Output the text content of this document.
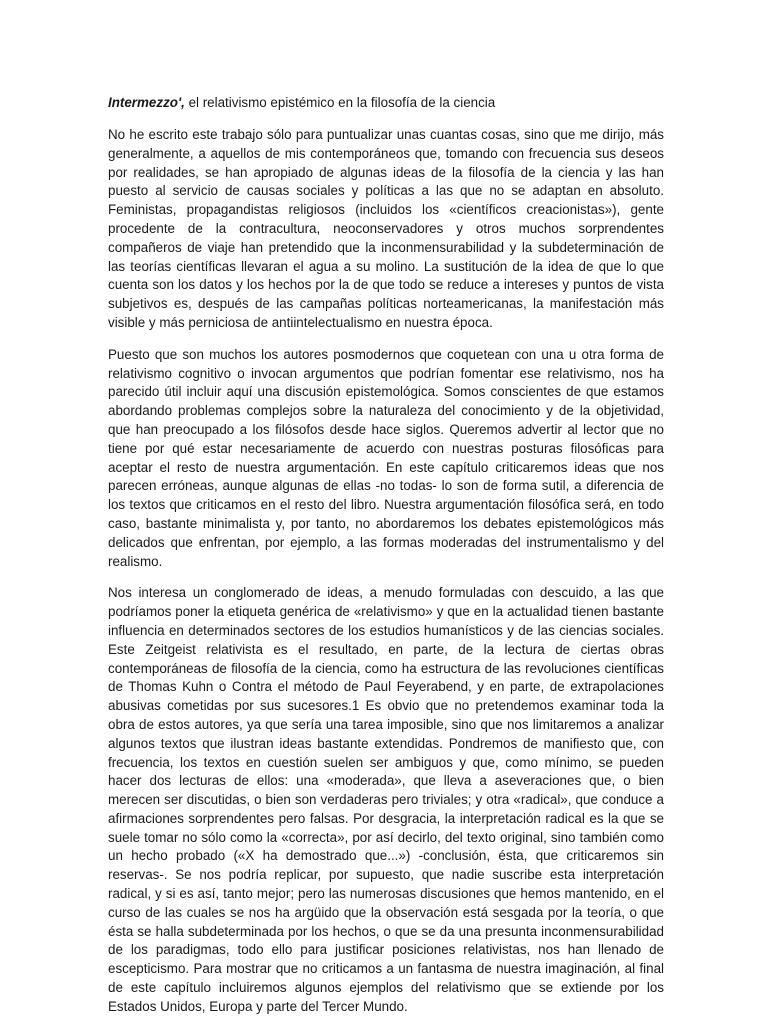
Intermezzo', el relativismo epistémico en la filosofía de la ciencia

No he escrito este trabajo sólo para puntualizar unas cuantas cosas, sino que me dirijo, más generalmente, a aquellos de mis contemporáneos que, tomando con frecuencia sus deseos por realidades, se han apropiado de algunas ideas de la filosofía de la ciencia y las han puesto al servicio de causas sociales y políticas a las que no se adaptan en absoluto. Feministas, propagandistas religiosos (incluidos los «científicos creacionistas»), gente procedente de la contracultura, neoconservadores y otros muchos sorprendentes compañeros de viaje han pretendido que la inconmensurabilidad y la subdeterminación de las teorías científicas llevaran el agua a su molino. La sustitución de la idea de que lo que cuenta son los datos y los hechos por la de que todo se reduce a intereses y puntos de vista subjetivos es, después de las campañas políticas norteamericanas, la manifestación más visible y más perniciosa de antiintelectualismo en nuestra época.

Puesto que son muchos los autores posmodernos que coquetean con una u otra forma de relativismo cognitivo o invocan argumentos que podrían fomentar ese relativismo, nos ha parecido útil incluir aquí una discusión epistemológica. Somos conscientes de que estamos abordando problemas complejos sobre la naturaleza del conocimiento y de la objetividad, que han preocupado a los filósofos desde hace siglos. Queremos advertir al lector que no tiene por qué estar necesariamente de acuerdo con nuestras posturas filosóficas para aceptar el resto de nuestra argumentación. En este capítulo criticaremos ideas que nos parecen erróneas, aunque algunas de ellas -no todas- lo son de forma sutil, a diferencia de los textos que criticamos en el resto del libro. Nuestra argumentación filosófica será, en todo caso, bastante minimalista y, por tanto, no abordaremos los debates epistemológicos más delicados que enfrentan, por ejemplo, a las formas moderadas del instrumentalismo y del realismo.

Nos interesa un conglomerado de ideas, a menudo formuladas con descuido, a las que podríamos poner la etiqueta genérica de «relativismo» y que en la actualidad tienen bastante influencia en determinados sectores de los estudios humanísticos y de las ciencias sociales. Este Zeitgeist relativista es el resultado, en parte, de la lectura de ciertas obras contemporáneas de filosofía de la ciencia, como ha estructura de las revoluciones científicas de Thomas Kuhn o Contra el método de Paul Feyerabend, y en parte, de extrapolaciones abusivas cometidas por sus sucesores.1 Es obvio que no pretendemos examinar toda la obra de estos autores, ya que sería una tarea imposible, sino que nos limitaremos a analizar algunos textos que ilustran ideas bastante extendidas. Pondremos de manifiesto que, con frecuencia, los textos en cuestión suelen ser ambiguos y que, como mínimo, se pueden hacer dos lecturas de ellos: una «moderada», que lleva a aseveraciones que, o bien merecen ser discutidas, o bien son verdaderas pero triviales; y otra «radical», que conduce a afirmaciones sorprendentes pero falsas. Por desgracia, la interpretación radical es la que se suele tomar no sólo como la «correcta», por así decirlo, del texto original, sino también como un hecho probado («X ha demostrado que...») -conclusión, ésta, que criticaremos sin reservas-. Se nos podría replicar, por supuesto, que nadie suscribe esta interpretación radical, y si es así, tanto mejor; pero las numerosas discusiones que hemos mantenido, en el curso de las cuales se nos ha argüido que la observación está sesgada por la teoría, o que ésta se halla subdeterminada por los hechos, o que se da una presunta inconmensurabilidad de los paradigmas, todo ello para justificar posiciones relativistas, nos han llenado de escepticismo. Para mostrar que no criticamos a un fantasma de nuestra imaginación, al final de este capítulo incluiremos algunos ejemplos del relativismo que se extiende por los Estados Unidos, Europa y parte del Tercer Mundo.
